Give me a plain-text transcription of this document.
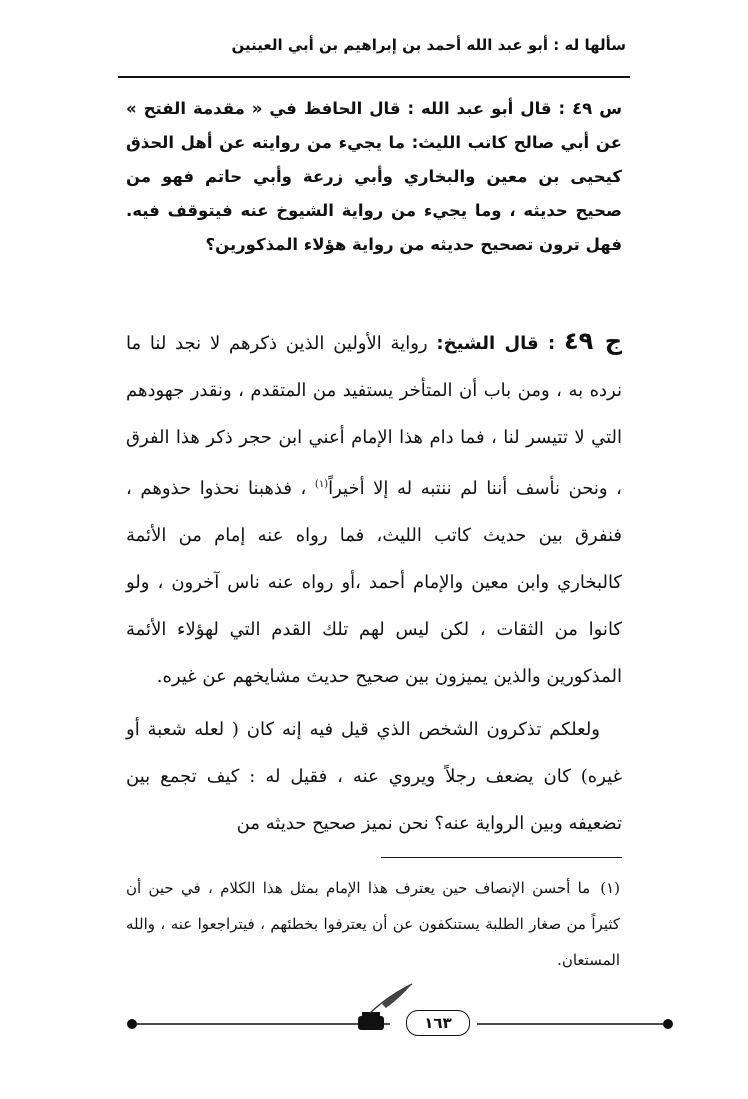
سألها له : أبو عبد الله أحمد بن إبراهيم بن أبي العينين
س ٤٩ : قال أبو عبد الله : قال الحافظ في « مقدمة الفتح » عن أبي صالح كاتب الليث: ما يجيء من روايته عن أهل الحذق كيحيى بن معين والبخاري وأبي زرعة وأبي حاتم فهو من صحيح حديثه ، وما يجيء من رواية الشيوخ عنه فيتوقف فيه. فهل ترون تصحيح حديثه من رواية هؤلاء المذكورين؟

ج ٤٩ : قال الشيخ: رواية الأولين الذين ذكرهم لا نجد لنا ما نرده به ، ومن باب أن المتأخر يستفيد من المتقدم ، ونقدر جهودهم التي لا تتيسر لنا ، فما دام هذا الإمام أعني ابن حجر ذكر هذا الفرق ، ونحن نأسف أننا لم ننتبه له إلا أخيراً$^{(١)}$ ، فذهبنا نحذوا حذوهم ، فنفرق بين حديث كاتب الليث، فما رواه عنه إمام من الأئمة كالبخاري وابن معين والإمام أحمد ،أو رواه عنه ناس آخرون ، ولو كانوا من الثقات ، لكن ليس لهم تلك القدم التي لهؤلاء الأئمة المذكورين والذين يميزون بين صحيح حديث مشايخهم عن غيره.

ولعلكم تذكرون الشخص الذي قيل فيه إنه كان ( لعله شعبة أو غيره) كان يضعف رجلاً ويروي عنه ، فقيل له : كيف تجمع بين تضعيفه وبين الرواية عنه؟ نحن نميز صحيح حديثه من

(١)ما أحسن الإنصاف حين يعترف هذا الإمام بمثل هذا الكلام ، في حين أن كثيراً من صغار الطلبة يستنكفون عن أن يعترفوا بخطئهم ، فيتراجعوا عنه ، والله المستعان.
١٦٣
